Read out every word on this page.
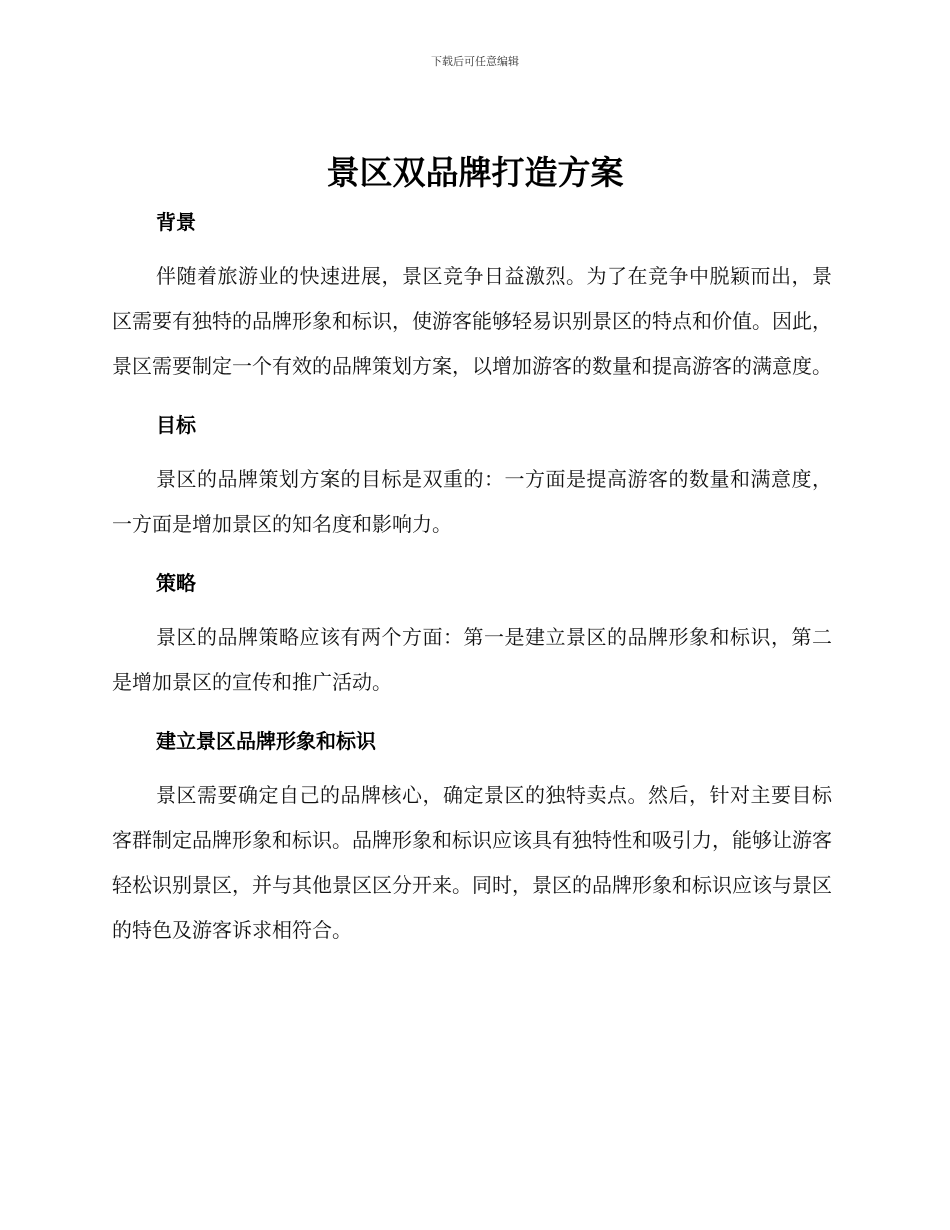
下载后可任意编辑
景区双品牌打造方案
背景

伴随着旅游业的快速进展，景区竞争日益激烈。为了在竞争中脱颖而出，景区需要有独特的品牌形象和标识，使游客能够轻易识别景区的特点和价值。因此，景区需要制定一个有效的品牌策划方案，以增加游客的数量和提高游客的满意度。

目标

景区的品牌策划方案的目标是双重的：一方面是提高游客的数量和满意度，一方面是增加景区的知名度和影响力。

策略

景区的品牌策略应该有两个方面：第一是建立景区的品牌形象和标识，第二是增加景区的宣传和推广活动。

建立景区品牌形象和标识

景区需要确定自己的品牌核心，确定景区的独特卖点。然后，针对主要目标客群制定品牌形象和标识。品牌形象和标识应该具有独特性和吸引力，能够让游客轻松识别景区，并与其他景区区分开来。同时，景区的品牌形象和标识应该与景区的特色及游客诉求相符合。
